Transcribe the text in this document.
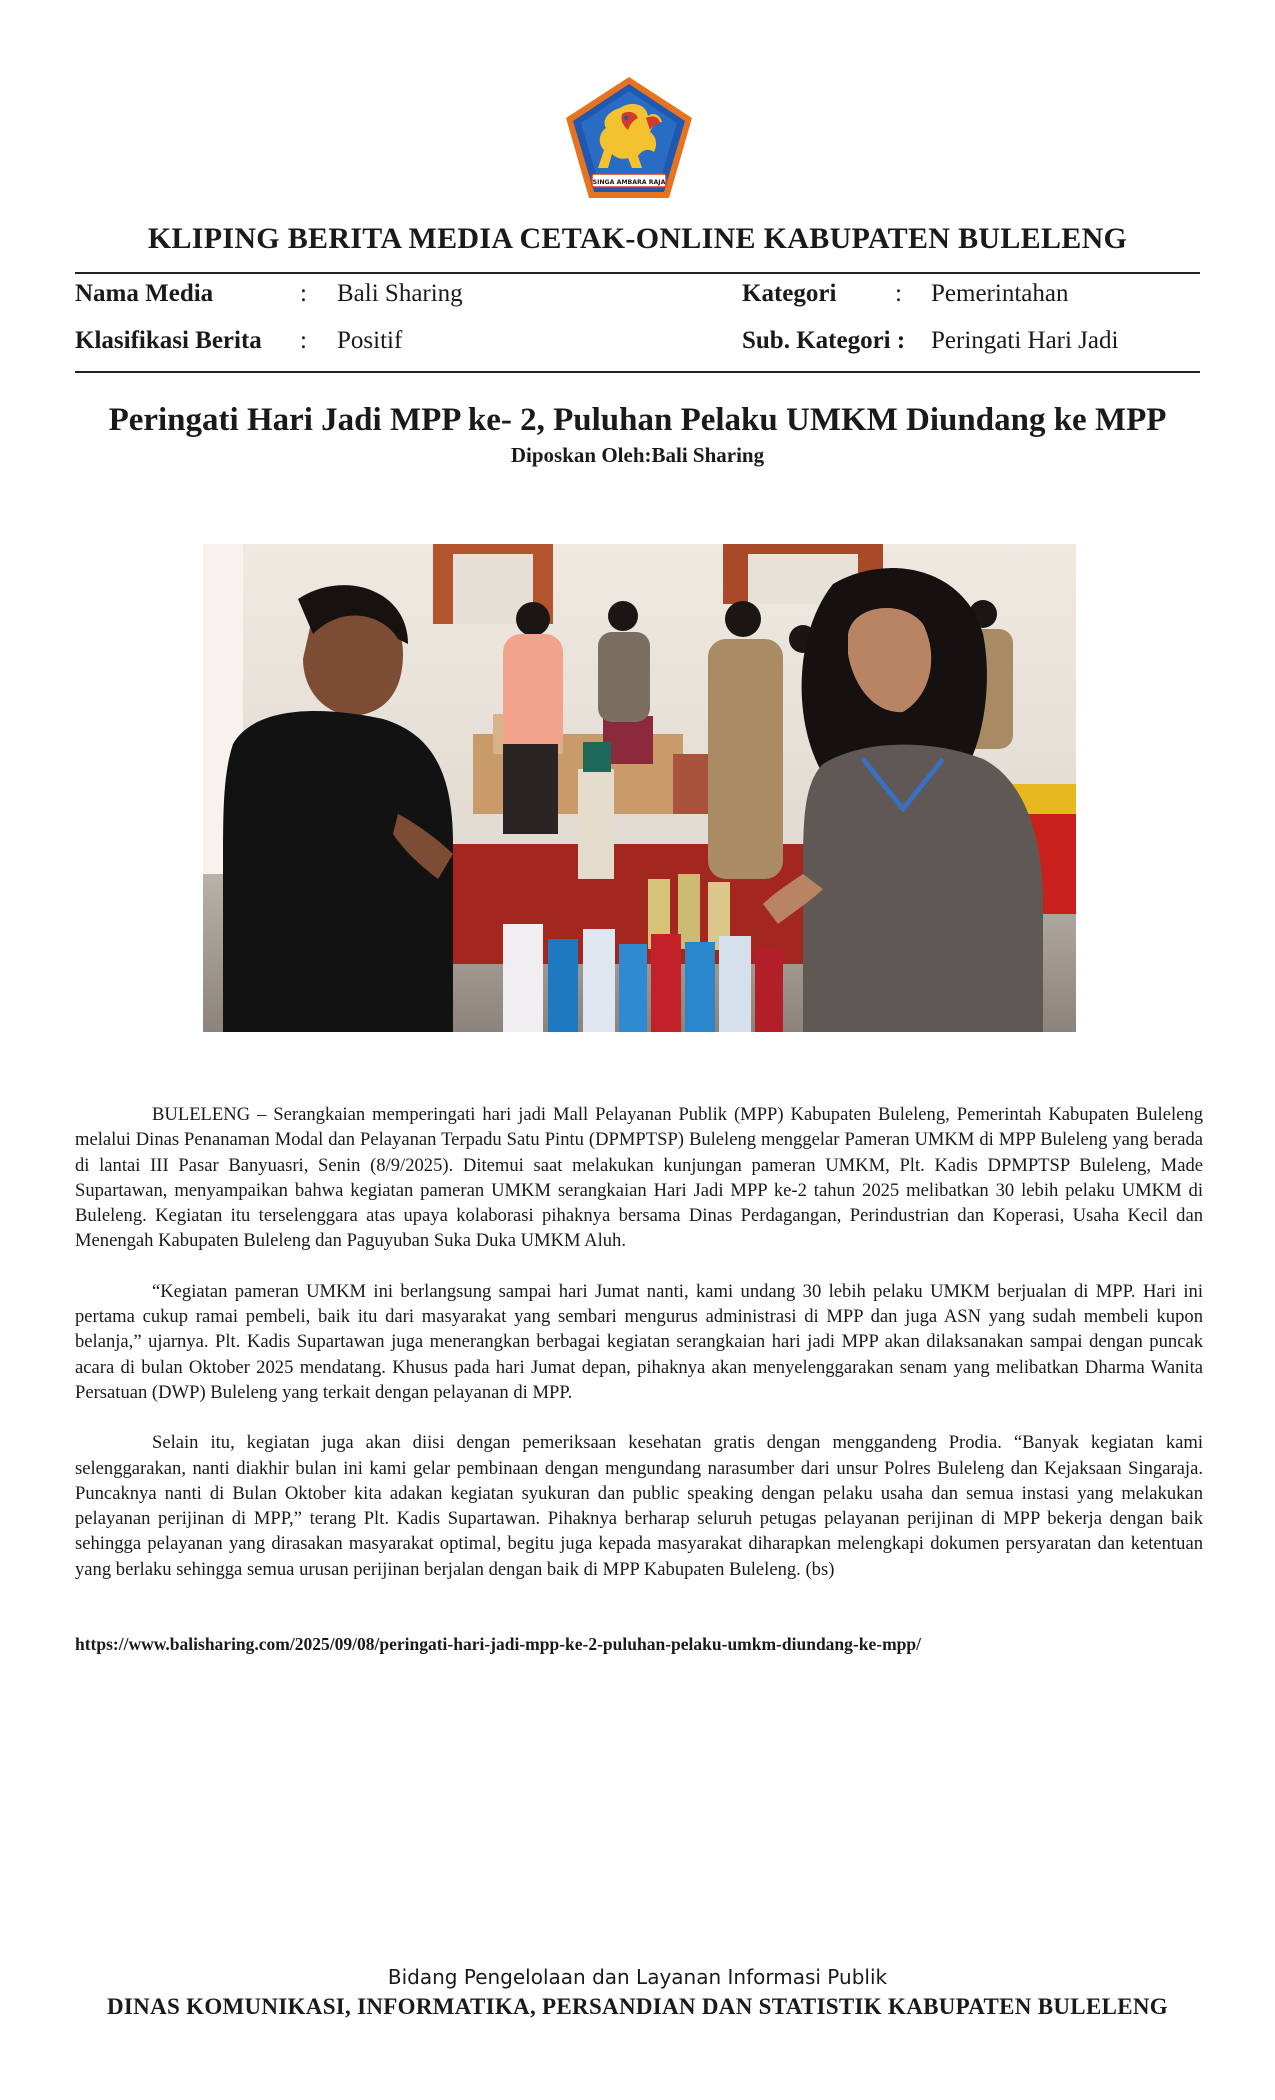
SINGA AMBARA RAJA
KLIPING BERITA MEDIA CETAK-ONLINE KABUPATEN BULELENG
Nama Media	: Bali Sharing	Kategori : Pemerintahan
Klasifikasi Berita : Positif	Sub. Kategori : Peringati Hari Jadi
Peringati Hari Jadi MPP ke- 2, Puluhan Pelaku UMKM Diundang ke MPP
Diposkan Oleh:Bali Sharing

BULELENG – Serangkaian memperingati hari jadi Mall Pelayanan Publik (MPP) Kabupaten Buleleng, Pemerintah Kabupaten Buleleng melalui Dinas Penanaman Modal dan Pelayanan Terpadu Satu Pintu (DPMPTSP) Buleleng menggelar Pameran UMKM di MPP Buleleng yang berada di lantai III Pasar Banyuasri, Senin (8/9/2025). Ditemui saat melakukan kunjungan pameran UMKM, Plt. Kadis DPMPTSP Buleleng, Made Supartawan, menyampaikan bahwa kegiatan pameran UMKM serangkaian Hari Jadi MPP ke-2 tahun 2025 melibatkan 30 lebih pelaku UMKM di Buleleng. Kegiatan itu terselenggara atas upaya kolaborasi pihaknya bersama Dinas Perdagangan, Perindustrian dan Koperasi, Usaha Kecil dan Menengah Kabupaten Buleleng dan Paguyuban Suka Duka UMKM Aluh.

“Kegiatan pameran UMKM ini berlangsung sampai hari Jumat nanti, kami undang 30 lebih pelaku UMKM berjualan di MPP. Hari ini pertama cukup ramai pembeli, baik itu dari masyarakat yang sembari mengurus administrasi di MPP dan juga ASN yang sudah membeli kupon belanja,” ujarnya. Plt. Kadis Supartawan juga menerangkan berbagai kegiatan serangkaian hari jadi MPP akan dilaksanakan sampai dengan puncak acara di bulan Oktober 2025 mendatang. Khusus pada hari Jumat depan, pihaknya akan menyelenggarakan senam yang melibatkan Dharma Wanita Persatuan (DWP) Buleleng yang terkait dengan pelayanan di MPP.

Selain itu, kegiatan juga akan diisi dengan pemeriksaan kesehatan gratis dengan menggandeng Prodia. “Banyak kegiatan kami selenggarakan, nanti diakhir bulan ini kami gelar pembinaan dengan mengundang narasumber dari unsur Polres Buleleng dan Kejaksaan Singaraja. Puncaknya nanti di Bulan Oktober kita adakan kegiatan syukuran dan public speaking dengan pelaku usaha dan semua instasi yang melakukan pelayanan perijinan di MPP,” terang Plt. Kadis Supartawan. Pihaknya berharap seluruh petugas pelayanan perijinan di MPP bekerja dengan baik sehingga pelayanan yang dirasakan masyarakat optimal, begitu juga kepada masyarakat diharapkan melengkapi dokumen persyaratan dan ketentuan yang berlaku sehingga semua urusan perijinan berjalan dengan baik di MPP Kabupaten Buleleng. (bs)

https://www.balisharing.com/2025/09/08/peringati-hari-jadi-mpp-ke-2-puluhan-pelaku-umkm-diundang-ke-mpp/
Bidang Pengelolaan dan Layanan Informasi Publik
DINAS KOMUNIKASI, INFORMATIKA, PERSANDIAN DAN STATISTIK KABUPATEN BULELENG
